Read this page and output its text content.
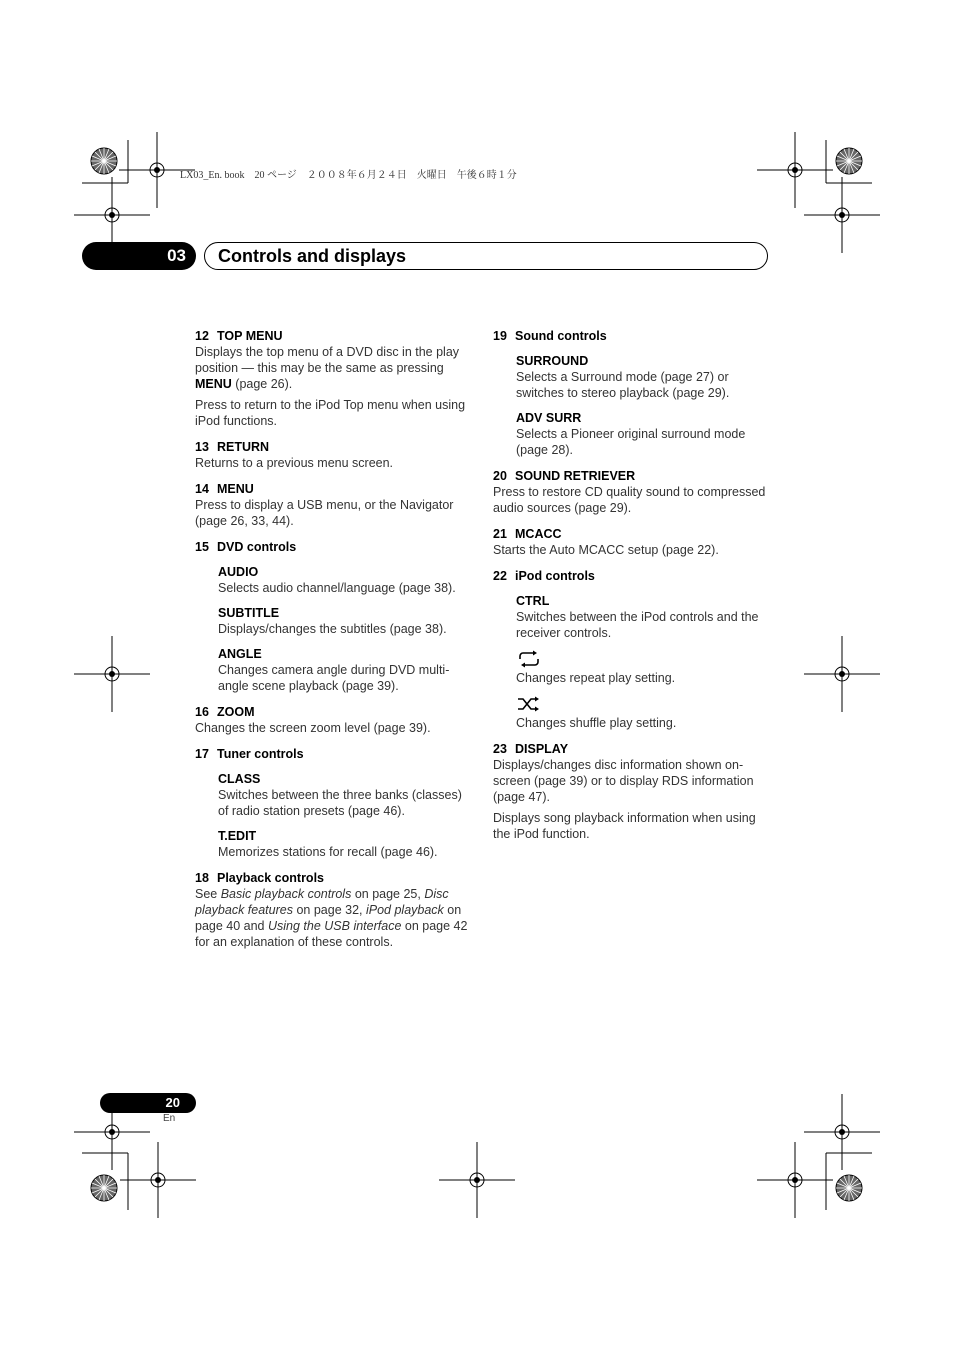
LX03_En. book　20 ページ　２００８年６月２４日　火曜日　午後６時１分
03	Controls and displays
12 TOP MENU
Displays the top menu of a DVD disc in the play position — this may be the same as pressing MENU (page 26).
Press to return to the iPod Top menu when using iPod functions.
13 RETURN
Returns to a previous menu screen.
14 MENU
Press to display a USB menu, or the Navigator (page 26, 33, 44).
15 DVD controls
AUDIO
Selects audio channel/language (page 38).
SUBTITLE
Displays/changes the subtitles (page 38).
ANGLE
Changes camera angle during DVD multi-angle scene playback (page 39).
16 ZOOM
Changes the screen zoom level (page 39).
17 Tuner controls
CLASS
Switches between the three banks (classes) of radio station presets (page 46).
T.EDIT
Memorizes stations for recall (page 46).
18 Playback controls
See Basic playback controls on page 25, Disc playback features on page 32, iPod playback on page 40 and Using the USB interface on page 42 for an explanation of these controls.
19 Sound controls
SURROUND
Selects a Surround mode (page 27) or switches to stereo playback (page 29).
ADV SURR
Selects a Pioneer original surround mode (page 28).
20 SOUND RETRIEVER
Press to restore CD quality sound to compressed audio sources (page 29).
21 MCACC
Starts the Auto MCACC setup (page 22).
22 iPod controls
CTRL
Switches between the iPod controls and the receiver controls.
Changes repeat play setting.
Changes shuffle play setting.
23 DISPLAY
Displays/changes disc information shown on-screen (page 39) or to display RDS information (page 47).
Displays song playback information when using the iPod function.
20
En
